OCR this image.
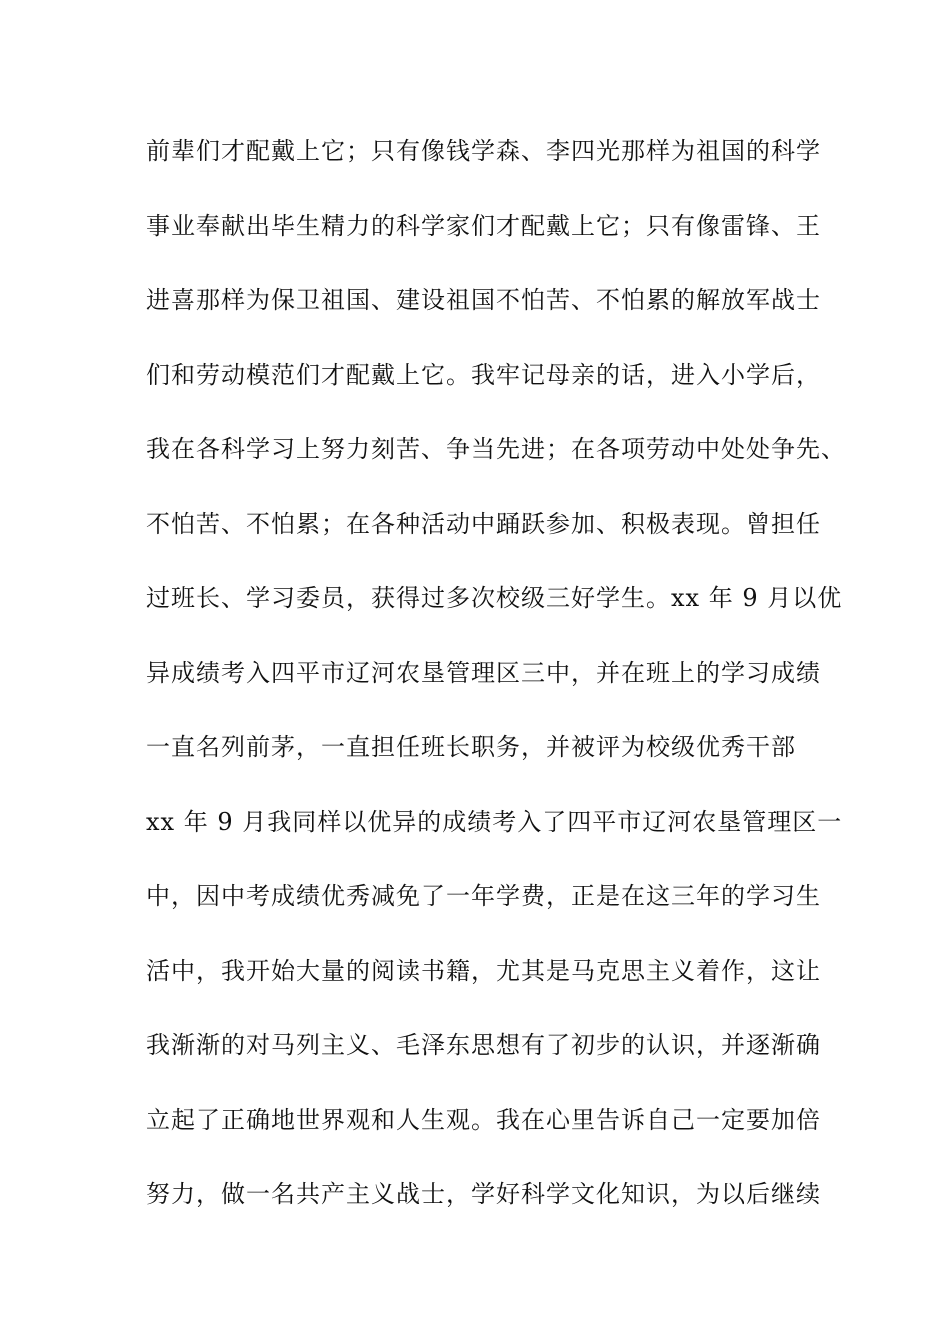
前辈们才配戴上它；只有像钱学森、李四光那样为祖国的科学
事业奉献出毕生精力的科学家们才配戴上它；只有像雷锋、王
进喜那样为保卫祖国、建设祖国不怕苦、不怕累的解放军战士
们和劳动模范们才配戴上它。我牢记母亲的话，进入小学后，
我在各科学习上努力刻苦、争当先进；在各项劳动中处处争先、
不怕苦、不怕累；在各种活动中踊跃参加、积极表现。曾担任
过班长、学习委员，获得过多次校级三好学生。xx 年 9 月以优
异成绩考入四平市辽河农垦管理区三中，并在班上的学习成绩
一直名列前茅，一直担任班长职务，并被评为校级优秀干部
xx 年 9 月我同样以优异的成绩考入了四平市辽河农垦管理区一
中，因中考成绩优秀减免了一年学费，正是在这三年的学习生
活中，我开始大量的阅读书籍，尤其是马克思主义着作，这让
我渐渐的对马列主义、毛泽东思想有了初步的认识，并逐渐确
立起了正确地世界观和人生观。我在心里告诉自己一定要加倍
努力，做一名共产主义战士，学好科学文化知识，为以后继续
